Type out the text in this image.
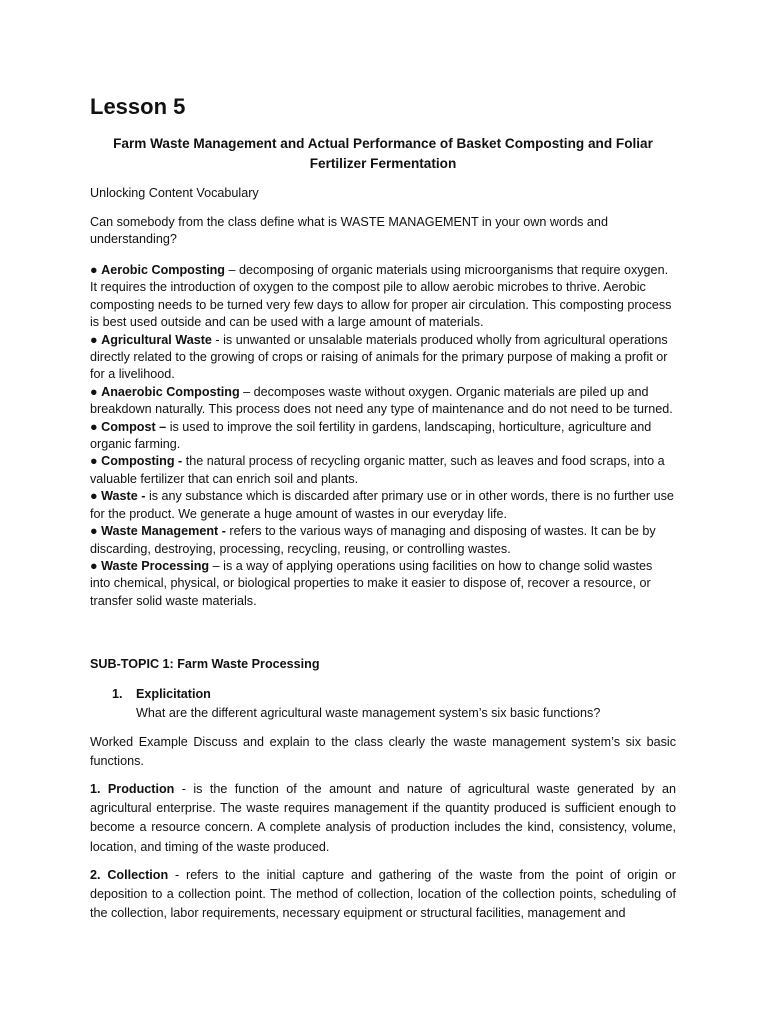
Lesson 5
Farm Waste Management and Actual Performance of Basket Composting and Foliar Fertilizer Fermentation

Unlocking Content Vocabulary

Can somebody from the class define what is WASTE MANAGEMENT in your own words and understanding?

● Aerobic Composting – decomposing of organic materials using microorganisms that require oxygen. It requires the introduction of oxygen to the compost pile to allow aerobic microbes to thrive. Aerobic composting needs to be turned very few days to allow for proper air circulation. This composting process is best used outside and can be used with a large amount of materials.

● Agricultural Waste - is unwanted or unsalable materials produced wholly from agricultural operations directly related to the growing of crops or raising of animals for the primary purpose of making a profit or for a livelihood.

● Anaerobic Composting – decomposes waste without oxygen. Organic materials are piled up and breakdown naturally. This process does not need any type of maintenance and do not need to be turned.

● Compost – is used to improve the soil fertility in gardens, landscaping, horticulture, agriculture and organic farming.

● Composting - the natural process of recycling organic matter, such as leaves and food scraps, into a valuable fertilizer that can enrich soil and plants.

● Waste - is any substance which is discarded after primary use or in other words, there is no further use for the product. We generate a huge amount of wastes in our everyday life.

● Waste Management - refers to the various ways of managing and disposing of wastes. It can be by discarding, destroying, processing, recycling, reusing, or controlling wastes.

● Waste Processing – is a way of applying operations using facilities on how to change solid wastes into chemical, physical, or biological properties to make it easier to dispose of, recover a resource, or transfer solid waste materials.

SUB-TOPIC 1: Farm Waste Processing

1. Explicitation
What are the different agricultural waste management system’s six basic functions?

Worked Example Discuss and explain to the class clearly the waste management system’s six basic functions.

1. Production - is the function of the amount and nature of agricultural waste generated by an agricultural enterprise. The waste requires management if the quantity produced is sufficient enough to become a resource concern. A complete analysis of production includes the kind, consistency, volume, location, and timing of the waste produced.

2. Collection - refers to the initial capture and gathering of the waste from the point of origin or deposition to a collection point. The method of collection, location of the collection points, scheduling of the collection, labor requirements, necessary equipment or structural facilities, management and
